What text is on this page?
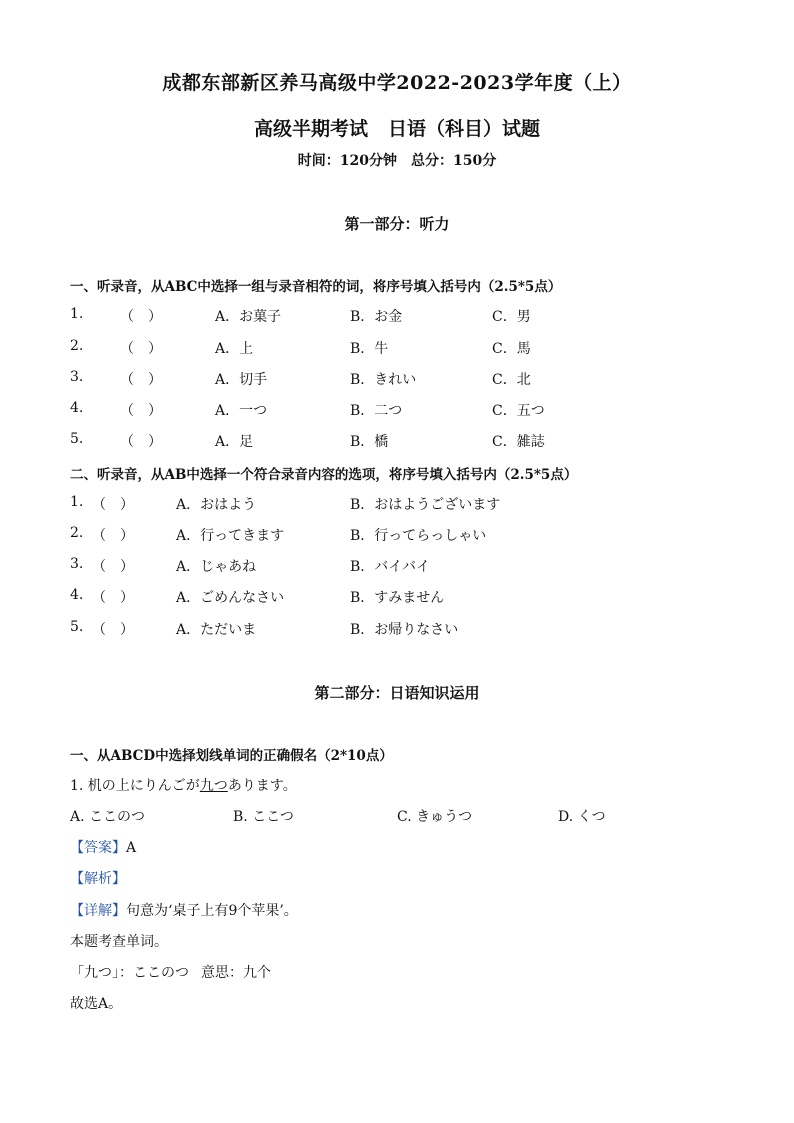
成都东部新区养马高级中学2022-2023学年度（上）
高级半期考试 日语（科目）试题
时间：120分钟 总分：150分
第一部分：听力
一、听录音，从ABC中选择一组与录音相符的词，将序号填入括号内（2.5*5点）
1.	（　）	A．お菓子	B．お金	C．男
2.	（　）	A．上	B．牛	C．馬
3.	（　）	A．切手	B．きれい	C．北
4.	（　）	A．一つ	B．二つ	C．五つ
5.	（　）	A．足	B．橋	C．雑誌
二、听录音，从AB中选择一个符合录音内容的选项，将序号填入括号内（2.5*5点）
1. （　）	A．おはよう	B．おはようございます
2. （　）	A．行ってきます	B．行ってらっしゃい
3. （　）	A．じゃあね	B．バイバイ
4. （　）	A．ごめんなさい	B．すみません
5. （　）	A．ただいま	B．お帰りなさい
第二部分：日语知识运用
一、从ABCD中选择划线单词的正确假名（2*10点）
1. 机の上にりんごが九つあります。
A. ここのつ	B. ここつ	C. きゅうつ	D. くつ
【答案】A
【解析】
【详解】句意为‘桌子上有9个苹果’。
本题考查单词。
「九つ」：ここのつ 意思：九个
故选A。
